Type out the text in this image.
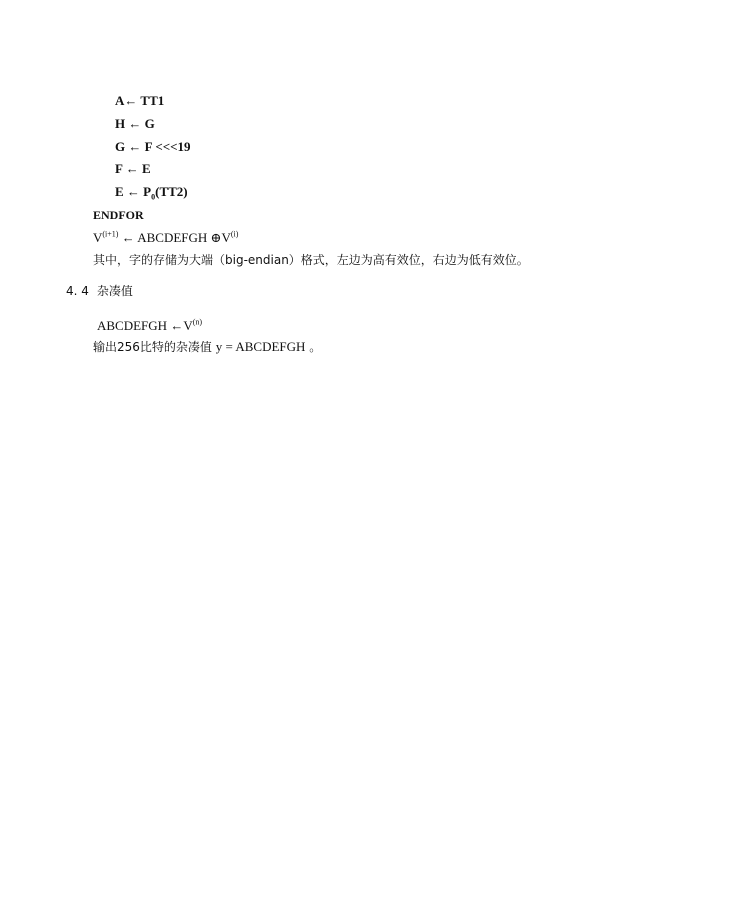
A← TT1
H ← G
G ← F <<<19
F ← E
E ← $P_0(TT2)$
ENDFOR
$V^{(i+1)}$ ← ABCDEFGH $\oplus V^{(i)}$
其中，字的存储为大端（big-endian）格式，左边为高有效位，右边为低有效位。
4. 4 杂凑值
ABCDEFGH $\leftarrow V^{(n)}$
输出256比特的杂凑值 y = ABCDEFGH 。
